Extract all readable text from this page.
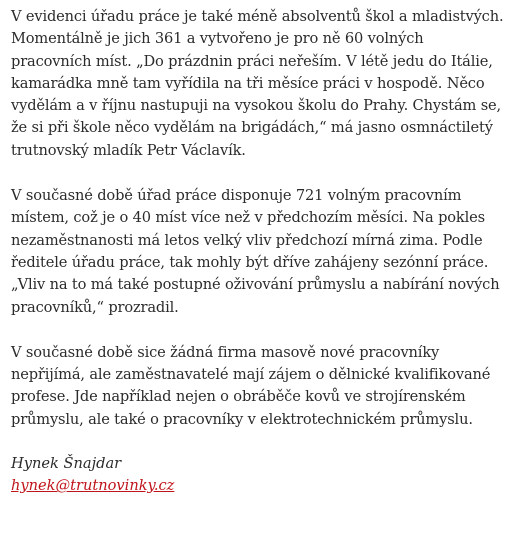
V evidenci úřadu práce je také méně absolventů škol a mladistvých.
Momentálně je jich 361 a vytvořeno je pro ně 60 volných
pracovních míst. „Do prázdnin práci neřeším. V létě jedu do Itálie,
kamarádka mně tam vyřídila na tři měsíce práci v hospodě. Něco
vydělám a v říjnu nastupuji na vysokou školu do Prahy. Chystám se,
že si při škole něco vydělám na brigádách,“ má jasno osmnáctiletý
trutnovský mladík Petr Václavík.

V současné době úřad práce disponuje 721 volným pracovním
místem, což je o 40 míst více než v předchozím měsíci. Na pokles
nezaměstnanosti má letos velký vliv předchozí mírná zima. Podle
ředitele úřadu práce, tak mohly být dříve zahájeny sezónní práce.
„Vliv na to má také postupné oživování průmyslu a nabírání nových
pracovníků,“ prozradil.

V současné době sice žádná firma masově nové pracovníky
nepřijímá, ale zaměstnavatelé mají zájem o dělnické kvalifikované
profese. Jde například nejen o obráběče kovů ve strojírenském
průmyslu, ale také o pracovníky v elektrotechnickém průmyslu.

Hynek Šnajdar
hynek@trutnovinky.cz
